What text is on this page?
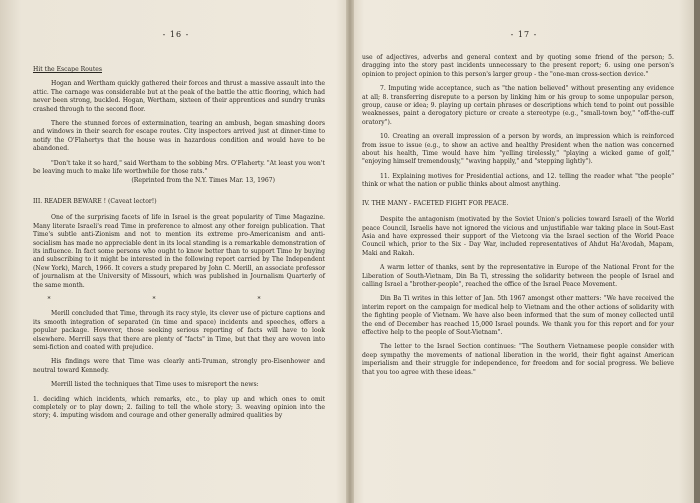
- 16 -

Hit the Escape Routes

Hogan and Wertham quickly gathered their forces and thrust a massive assault into the attic. The carnage was considerable but at the peak of the battle the attic flooring, which had never been strong, buckled. Hogan, Wertham, sixteen of their apprentices and sundry trunks crashed through to the second floor.

There the stunned forces of extermination, tearing an ambush, began smashing doors and windows in their search for escape routes. City inspectors arrived just at dinner-time to notify the O'Flahertys that the house was in hazardous condition and would have to be abandoned.

"Don't take it so hard," said Wertham to the sobbing Mrs. O'Flaherty. "At least you won't be leaving much to make life worthwhile for those rats."

(Reprinted from the N.Y. Times Mar. 13, 1967)

III. READER BEWARE ! (Caveat lector!)

One of the surprising facets of life in Israel is the great popularity of Time Magazine. Many literate Israeli's read Time in preference to almost any other foreign publication. That Time's subtle anti-Zionism and not to mention its extreme pro-Americanism and anti-socialism has made no appreciable dent in its local standing is a remarkable demonstration of its influence. In fact some persons who ought to know better than to support Time by buying and subscribing to it might be interested in the following report carried by The Independent (New York), March, 1966. It covers a study prepared by John C. Merill, an associate professor of journalism at the University of Missouri, which was published in Journalism Quarterly of the same month.

* * *

Merill concluded that Time, through its racy style, its clever use of picture captions and its smooth integration of separated (in time and space) incidents and speeches, offers a popular package. However, those seeking serious reporting of facts will have to look elsewhere. Merrill says that there are plenty of "facts" in Time, but that they are woven into semi-fiction and coated with prejudice.

His findings were that Time was clearly anti-Truman, strongly pro-Eisenhower and neutral toward Kennedy.

Merrill listed the techniques that Time uses to misreport the news:

1. deciding which incidents, which remarks, etc., to play up and which ones to omit completely or to play down; 2. failing to tell the whole story; 3. weaving opinion into the story; 4. imputing wisdom and courage and other generally admired qualities by

- 17 -

use of adjectives, adverbs and general context and by quoting some friend of the person; 5. dragging into the story past incidents unnecessary to the present report; 6. using one person's opinion to project opinion to this person's larger group - the "one-man cross-section device."

7. Imputing wide acceptance, such as "the nation believed" without presenting any evidence at all; 8. transferring disrepute to a person by linking him or his group to some unpopular person, group, cause or idea; 9. playing up certain phrases or descriptions which tend to point out possible weaknesses, paint a derogatory picture or create a stereotype (e.g., "small-town boy," "off-the-cuff oratory").

10. Creating an overall impression of a person by words, an impression which is reinforced from issue to issue (e.g., to show an active and healthy President when the nation was concerned about his health, Time would have him "yelling tirelessly," "playing a wicked game of golf," "enjoying himself tremendously," "waving happily," and "stepping lightly").

11. Explaining motives for Presidential actions, and 12. telling the reader what "the people" think or what the nation or public thinks about almost anything.

IV. THE MANY - FACETED FIGHT FOR PEACE.

Despite the antagonism (motivated by the Soviet Union's policies toward Israel) of the World peace Council, Israelis have not ignored the vicious and unjustifiable war taking place in Sout-East Asia and have expressed their support of the Vietcong via the Israel section of the World Peace Council which, prior to the Six - Day War, included representatives of Ahdut Ha'Avodah, Mapam, Maki and Rakah.

A warm letter of thanks, sent by the representative in Europe of the National Front for the Liberation of South-Vietnam, Din Ba Ti, stressing the solidarity between the people of Israel and calling Israel a "brother-people", reached the office of the Israel Peace Movement.

Din Ba Ti writes in this letter of Jan. 5th 1967 amongst other matters: "We have received the interim report on the campaign for medical help to Vietnam and the other actions of solidarity with the fighting people of Vietnam. We have also been informed that the sum of money collected until the end of December has reached 15,000 Israel pounds. We thank you for this report and for your effective help to the people of Sout-Vietnam".

The letter to the Israel Section continues: "The Southern Vietnamese people consider with deep sympathy the movements of national liberation in the world, their fight against American imperialism and their struggle for independence, for freedom and for social progress. We believe that you too agree with these ideas."
